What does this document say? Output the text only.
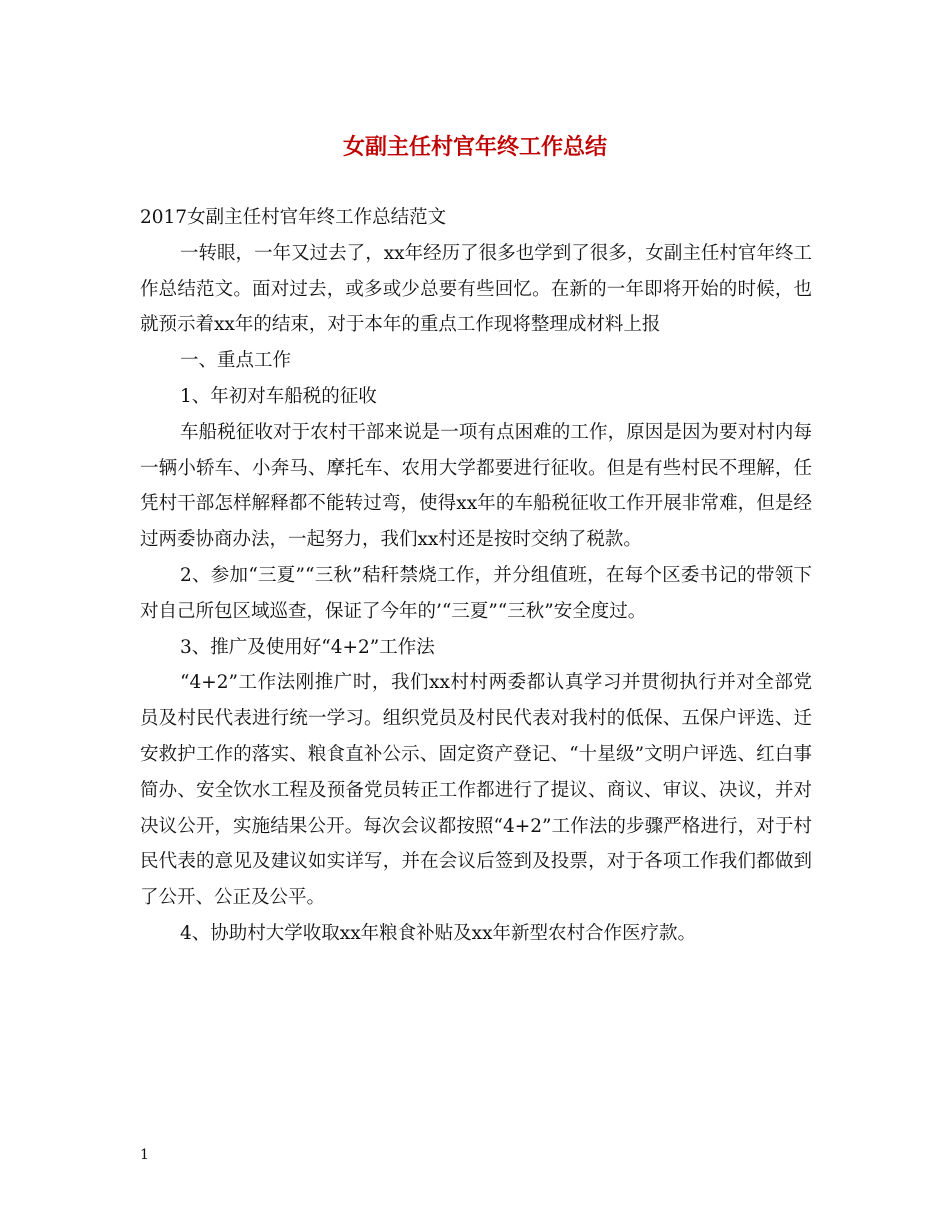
女副主任村官年终工作总结

2017女副主任村官年终工作总结范文

一转眼，一年又过去了，xx年经历了很多也学到了很多，女副主任村官年终工作总结范文。面对过去，或多或少总要有些回忆。在新的一年即将开始的时候，也就预示着xx年的结束，对于本年的重点工作现将整理成材料上报

一、重点工作

1、年初对车船税的征收

车船税征收对于农村干部来说是一项有点困难的工作，原因是因为要对村内每一辆小轿车、小奔马、摩托车、农用大学都要进行征收。但是有些村民不理解，任凭村干部怎样解释都不能转过弯，使得xx年的车船税征收工作开展非常难，但是经过两委协商办法，一起努力，我们xx村还是按时交纳了税款。

2、参加“三夏”“三秋”秸秆禁烧工作，并分组值班，在每个区委书记的带领下对自己所包区域巡查，保证了今年的’“三夏”“三秋”安全度过。

3、推广及使用好“4+2”工作法

“4+2”工作法刚推广时，我们xx村村两委都认真学习并贯彻执行并对全部党员及村民代表进行统一学习。组织党员及村民代表对我村的低保、五保户评选、迁安救护工作的落实、粮食直补公示、固定资产登记、“十星级”文明户评选、红白事简办、安全饮水工程及预备党员转正工作都进行了提议、商议、审议、决议，并对决议公开，实施结果公开。每次会议都按照“4+2”工作法的步骤严格进行，对于村民代表的意见及建议如实详写，并在会议后签到及投票，对于各项工作我们都做到了公开、公正及公平。

4、协助村大学收取xx年粮食补贴及xx年新型农村合作医疗款。

1
